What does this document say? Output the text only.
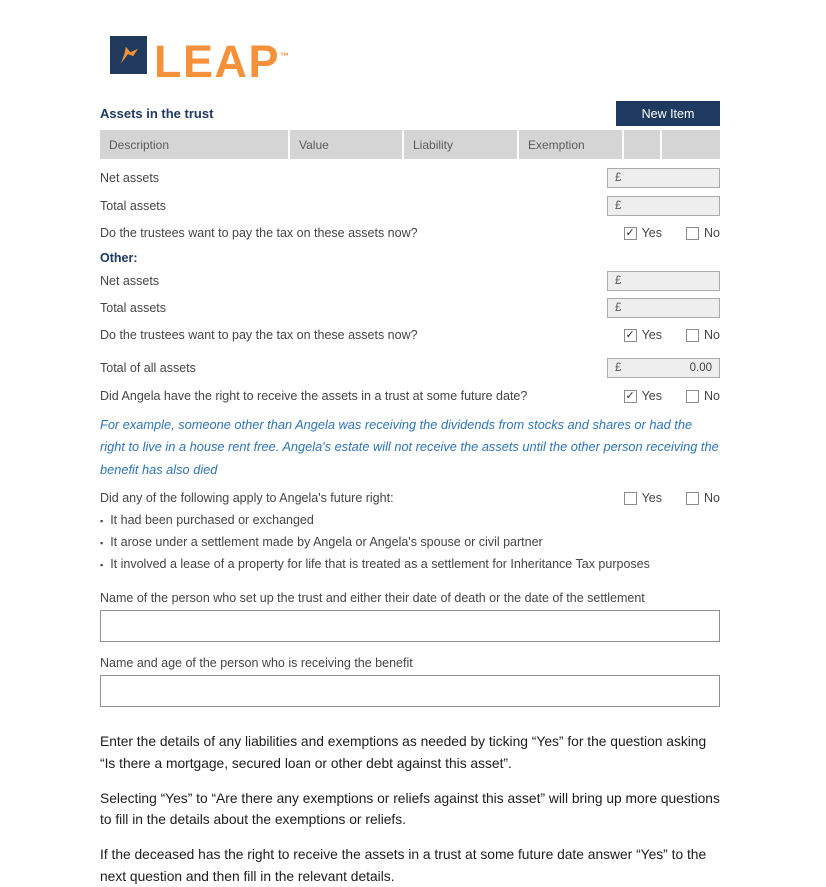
LEAP™
Assets in the trust	New Item
Description	Value	Liability	Exemption
Net assets	£
Total assets	£
Do the trustees want to pay the tax on these assets now? ✓	Yes	No
Other:
Net assets	£
Total assets	£
Do the trustees want to pay the tax on these assets now? ✓	Yes	No
Total of all assets	£	0.00
Did Angela have the right to receive the assets in a trust at some future date? ✓	Yes	No
For example, someone other than Angela was receiving the dividends from stocks and shares or had the right to live in a house rent free. Angela's estate will not receive the assets until the other person receiving the benefit has also died
Did any of the following apply to Angela's future right:	Yes	No
▪ It had been purchased or exchanged
▪ It arose under a settlement made by Angela or Angela's spouse or civil partner
▪ It involved a lease of a property for life that is treated as a settlement for Inheritance Tax purposes
Name of the person who set up the trust and either their date of death or the date of the settlement
Name and age of the person who is receiving the benefit

Enter the details of any liabilities and exemptions as needed by ticking “Yes” for the question asking “Is there a mortgage, secured loan or other debt against this asset”.

Selecting “Yes” to “Are there any exemptions or reliefs against this asset” will bring up more questions to fill in the details about the exemptions or reliefs.

If the deceased has the right to receive the assets in a trust at some future date answer “Yes” to the next question and then fill in the relevant details.
